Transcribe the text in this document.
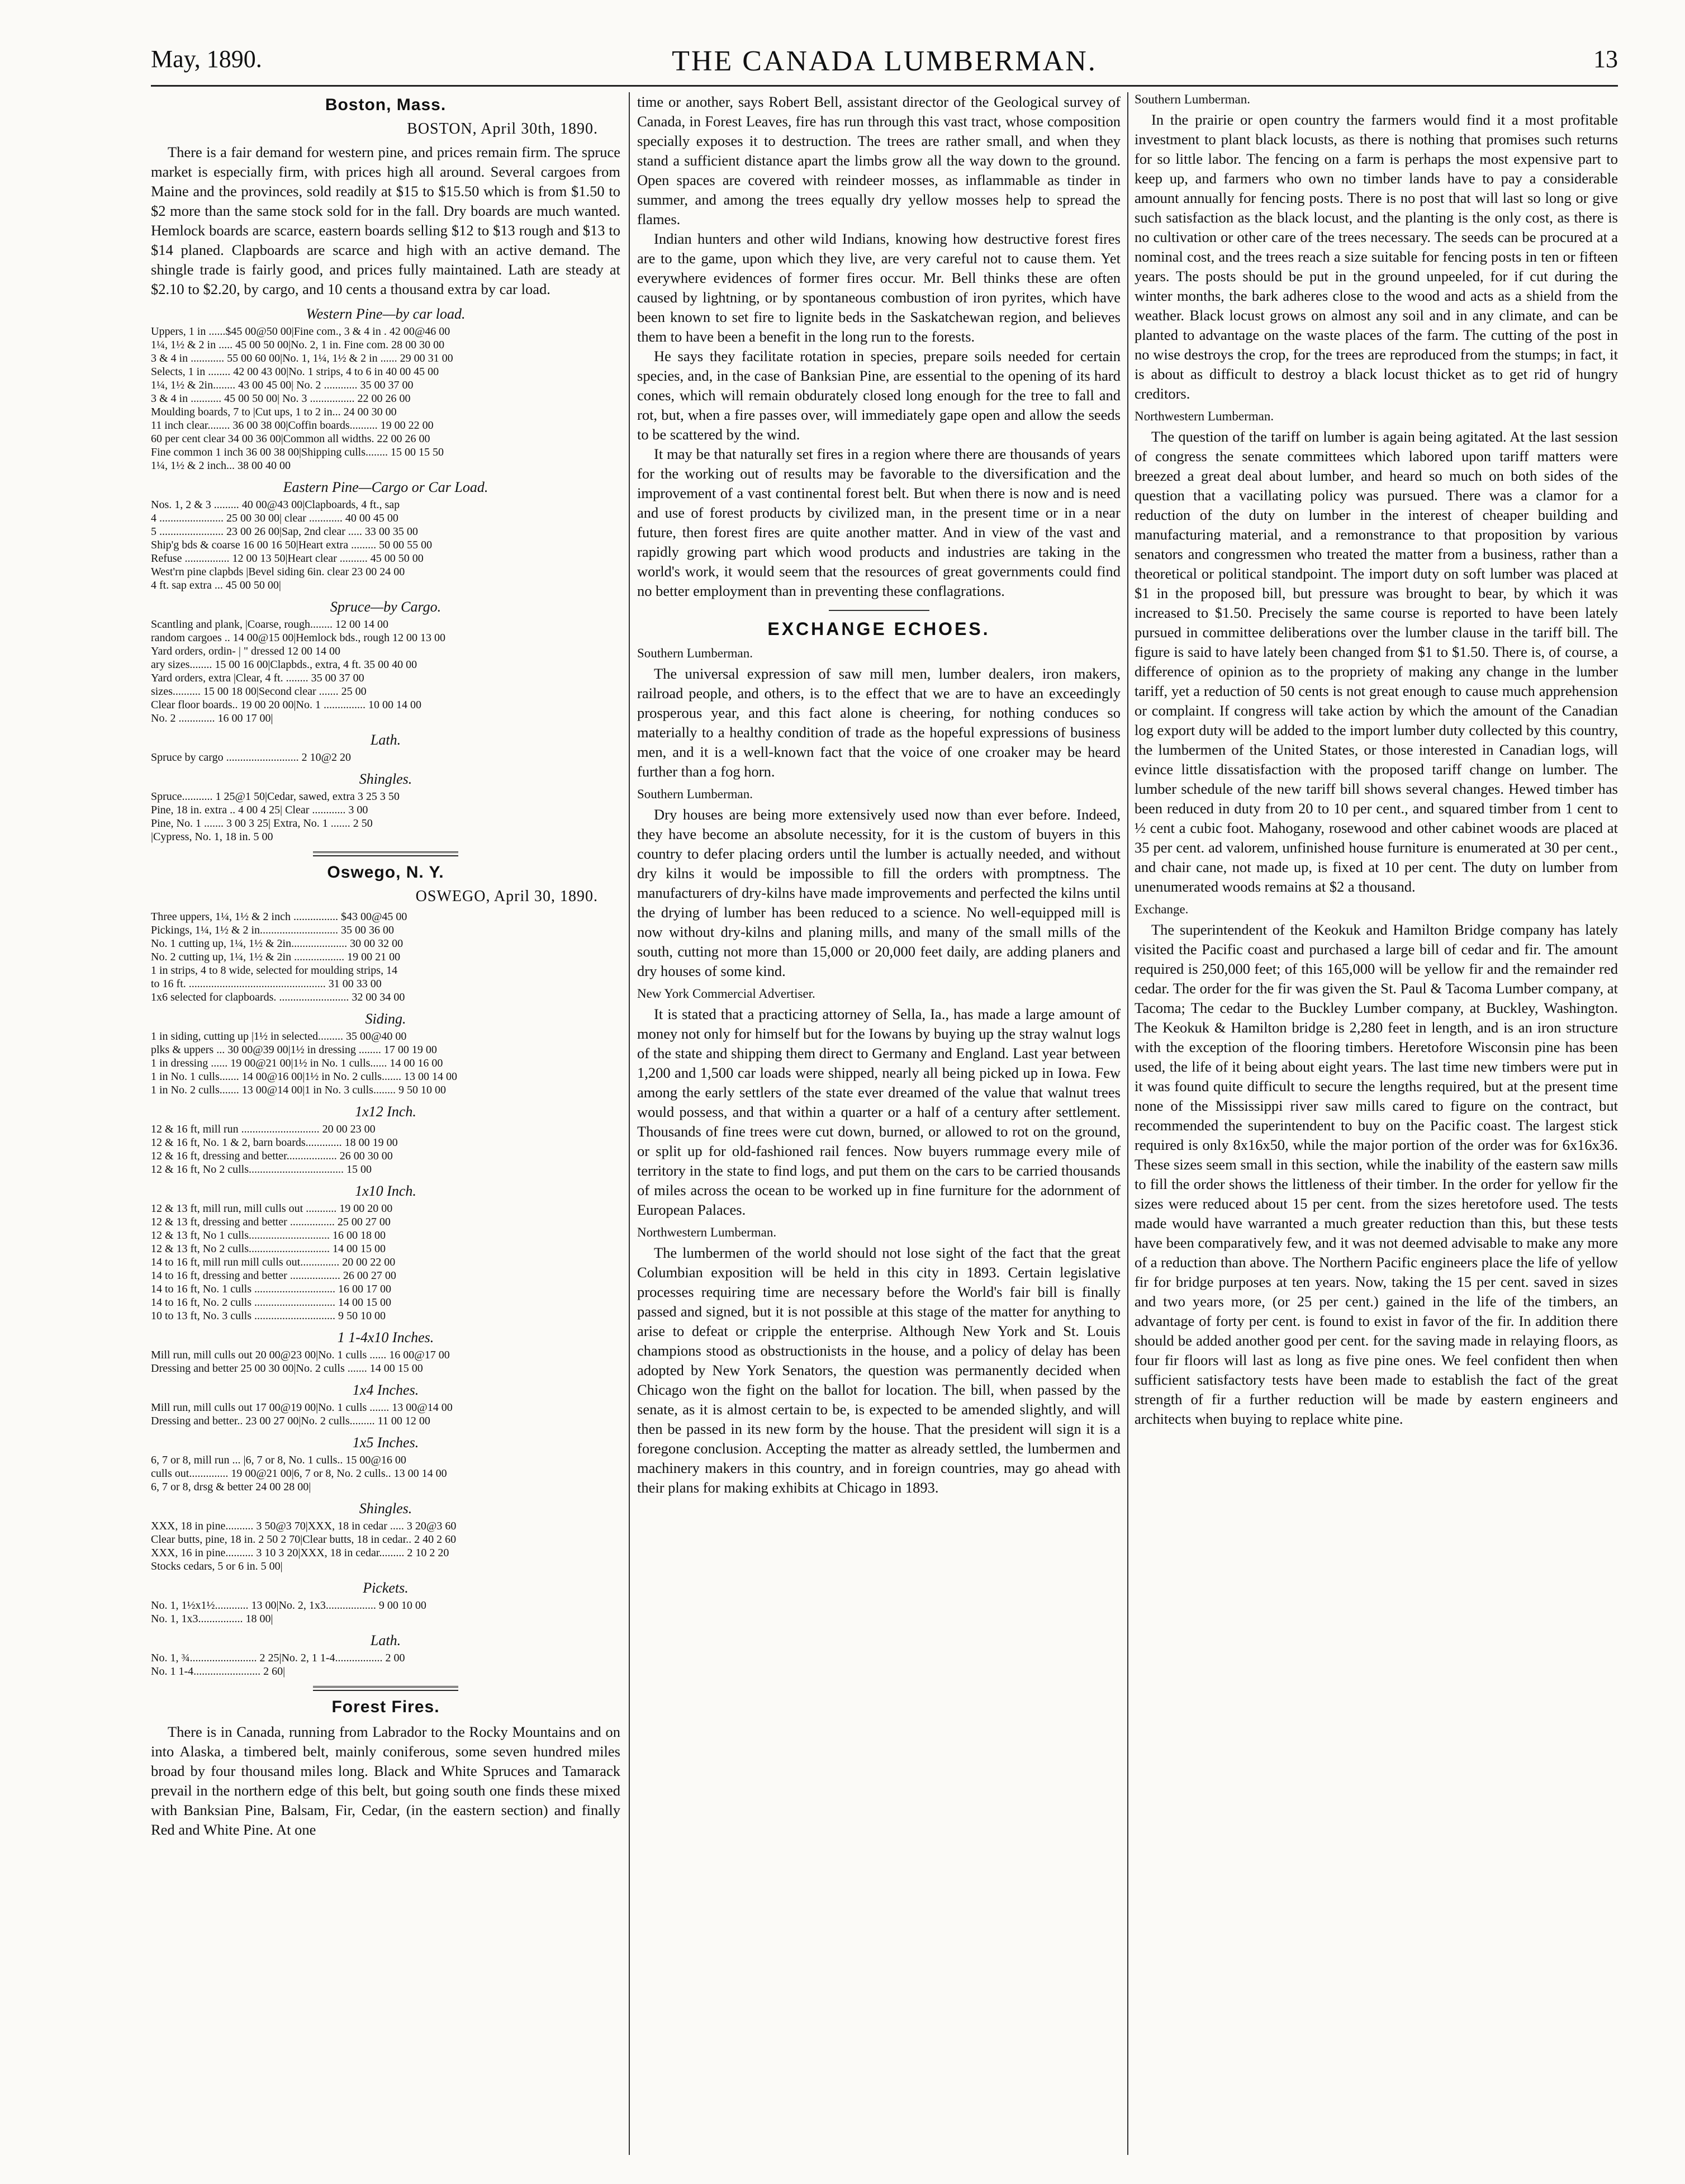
May, 1890.	THE CANADA LUMBERMAN.	13
Boston, Mass.
BOSTON, April 30th, 1890.

There is a fair demand for western pine, and prices remain firm. The spruce market is especially firm, with prices high all around. Several cargoes from Maine and the provinces, sold readily at $15 to $15.50 which is from $1.50 to $2 more than the same stock sold for in the fall. Dry boards are much wanted. Hemlock boards are scarce, eastern boards selling $12 to $13 rough and $13 to $14 planed. Clapboards are scarce and high with an active demand. The shingle trade is fairly good, and prices fully maintained. Lath are steady at $2.10 to $2.20, by cargo, and 10 cents a thousand extra by car load.

Western Pine—by car load.
Uppers, 1 in ......$45 00@50 00|Fine com., 3 & 4 in . 42 00@46 00
1¼, 1½ & 2 in ..... 45 00 50 00|No. 2, 1 in. Fine com. 28 00 30 00
3 & 4 in ............ 55 00 60 00|No. 1, 1¼, 1½ & 2 in ...... 29 00 31 00
Selects, 1 in ........ 42 00 43 00|No. 1 strips, 4 to 6 in 40 00 45 00
1¼, 1½ & 2in........ 43 00 45 00| No. 2 ............ 35 00 37 00
3 & 4 in ........... 45 00 50 00| No. 3 ................ 22 00 26 00
Moulding boards, 7 to |Cut ups, 1 to 2 in... 24 00 30 00
11 inch clear........ 36 00 38 00|Coffin boards.......... 19 00 22 00
60 per cent clear 34 00 36 00|Common all widths. 22 00 26 00
Fine common 1 inch 36 00 38 00|Shipping culls........ 15 00 15 50
1¼, 1½ & 2 inch... 38 00 40 00
Eastern Pine—Cargo or Car Load.
Nos. 1, 2 & 3 ......... 40 00@43 00|Clapboards, 4 ft., sap
4 ....................... 25 00 30 00| clear ............ 40 00 45 00
5 ....................... 23 00 26 00|Sap, 2nd clear ..... 33 00 35 00
Ship'g bds & coarse 16 00 16 50|Heart extra ......... 50 00 55 00
Refuse ................ 12 00 13 50|Heart clear .......... 45 00 50 00
West'rn pine clapbds |Bevel siding 6in. clear 23 00 24 00
4 ft. sap extra ... 45 00 50 00|
Spruce—by Cargo.
Scantling and plank, |Coarse, rough........ 12 00 14 00
random cargoes .. 14 00@15 00|Hemlock bds., rough 12 00 13 00
Yard orders, ordin- | " dressed 12 00 14 00
ary sizes........ 15 00 16 00|Clapbds., extra, 4 ft. 35 00 40 00
Yard orders, extra |Clear, 4 ft. ........ 35 00 37 00
sizes.......... 15 00 18 00|Second clear ....... 25 00
Clear floor boards.. 19 00 20 00|No. 1 ............... 10 00 14 00
No. 2 ............. 16 00 17 00|
Lath.
Spruce by cargo .......................... 2 10@2 20
Shingles.
Spruce........... 1 25@1 50|Cedar, sawed, extra 3 25 3 50
Pine, 18 in. extra .. 4 00 4 25| Clear ............ 3 00
Pine, No. 1 ....... 3 00 3 25| Extra, No. 1 ....... 2 50
|Cypress, No. 1, 18 in. 5 00
Oswego, N. Y.
OSWEGO, April 30, 1890.
Three uppers, 1¼, 1½ & 2 inch ................ $43 00@45 00
Pickings, 1¼, 1½ & 2 in............................ 35 00 36 00
No. 1 cutting up, 1¼, 1½ & 2in.................... 30 00 32 00
No. 2 cutting up, 1¼, 1½ & 2in .................. 19 00 21 00
1 in strips, 4 to 8 wide, selected for moulding strips, 14
to 16 ft. ................................................. 31 00 33 00
1x6 selected for clapboards. ......................... 32 00 34 00
Siding.
1 in siding, cutting up |1½ in selected......... 35 00@40 00
plks & uppers ... 30 00@39 00|1½ in dressing ........ 17 00 19 00
1 in dressing ...... 19 00@21 00|1½ in No. 1 culls...... 14 00 16 00
1 in No. 1 culls....... 14 00@16 00|1½ in No. 2 culls....... 13 00 14 00
1 in No. 2 culls....... 13 00@14 00|1 in No. 3 culls........ 9 50 10 00
1x12 Inch.
12 & 16 ft, mill run ............................ 20 00 23 00
12 & 16 ft, No. 1 & 2, barn boards............. 18 00 19 00
12 & 16 ft, dressing and better.................. 26 00 30 00
12 & 16 ft, No 2 culls.................................. 15 00
1x10 Inch.
12 & 13 ft, mill run, mill culls out ........... 19 00 20 00
12 & 13 ft, dressing and better ................ 25 00 27 00
12 & 13 ft, No 1 culls............................. 16 00 18 00
12 & 13 ft, No 2 culls............................. 14 00 15 00
14 to 16 ft, mill run mill culls out.............. 20 00 22 00
14 to 16 ft, dressing and better .................. 26 00 27 00
14 to 16 ft, No. 1 culls ............................. 16 00 17 00
14 to 16 ft, No. 2 culls ............................. 14 00 15 00
10 to 13 ft, No. 3 culls ............................. 9 50 10 00
1 1-4x10 Inches.
Mill run, mill culls out 20 00@23 00|No. 1 culls ...... 16 00@17 00
Dressing and better 25 00 30 00|No. 2 culls ....... 14 00 15 00
1x4 Inches.
Mill run, mill culls out 17 00@19 00|No. 1 culls ....... 13 00@14 00
Dressing and better.. 23 00 27 00|No. 2 culls......... 11 00 12 00
1x5 Inches.
6, 7 or 8, mill run ... |6, 7 or 8, No. 1 culls.. 15 00@16 00
culls out.............. 19 00@21 00|6, 7 or 8, No. 2 culls.. 13 00 14 00
6, 7 or 8, drsg & better 24 00 28 00|
Shingles.
XXX, 18 in pine.......... 3 50@3 70|XXX, 18 in cedar ..... 3 20@3 60
Clear butts, pine, 18 in. 2 50 2 70|Clear butts, 18 in cedar.. 2 40 2 60
XXX, 16 in pine.......... 3 10 3 20|XXX, 18 in cedar......... 2 10 2 20
Stocks cedars, 5 or 6 in. 5 00|
Pickets.
No. 1, 1½x1½............ 13 00|No. 2, 1x3.................. 9 00 10 00
No. 1, 1x3................ 18 00|
Lath.
No. 1, ¾........................ 2 25|No. 2, 1 1-4................. 2 00
No. 1 1-4........................ 2 60|
Forest Fires.

There is in Canada, running from Labrador to the Rocky Mountains and on into Alaska, a timbered belt, mainly coniferous, some seven hundred miles broad by four thousand miles long. Black and White Spruces and Tamarack prevail in the northern edge of this belt, but going south one finds these mixed with Banksian Pine, Balsam, Fir, Cedar, (in the eastern section) and finally Red and White Pine. At one

time or another, says Robert Bell, assistant director of the Geological survey of Canada, in Forest Leaves, fire has run through this vast tract, whose composition specially exposes it to destruction. The trees are rather small, and when they stand a sufficient distance apart the limbs grow all the way down to the ground. Open spaces are covered with reindeer mosses, as inflammable as tinder in summer, and among the trees equally dry yellow mosses help to spread the flames.

Indian hunters and other wild Indians, knowing how destructive forest fires are to the game, upon which they live, are very careful not to cause them. Yet everywhere evidences of former fires occur. Mr. Bell thinks these are often caused by lightning, or by spontaneous combustion of iron pyrites, which have been known to set fire to lignite beds in the Saskatchewan region, and believes them to have been a benefit in the long run to the forests.

He says they facilitate rotation in species, prepare soils needed for certain species, and, in the case of Banksian Pine, are essential to the opening of its hard cones, which will remain obdurately closed long enough for the tree to fall and rot, but, when a fire passes over, will immediately gape open and allow the seeds to be scattered by the wind.

It may be that naturally set fires in a region where there are thousands of years for the working out of results may be favorable to the diversification and the improvement of a vast continental forest belt. But when there is now and is need and use of forest products by civilized man, in the present time or in a near future, then forest fires are quite another matter. And in view of the vast and rapidly growing part which wood products and industries are taking in the world's work, it would seem that the resources of great governments could find no better employment than in preventing these conflagrations.

EXCHANGE ECHOES.
Southern Lumberman.

The universal expression of saw mill men, lumber dealers, iron makers, railroad people, and others, is to the effect that we are to have an exceedingly prosperous year, and this fact alone is cheering, for nothing conduces so materially to a healthy condition of trade as the hopeful expressions of business men, and it is a well-known fact that the voice of one croaker may be heard further than a fog horn.

Southern Lumberman.

Dry houses are being more extensively used now than ever before. Indeed, they have become an absolute necessity, for it is the custom of buyers in this country to defer placing orders until the lumber is actually needed, and without dry kilns it would be impossible to fill the orders with promptness. The manufacturers of dry-kilns have made improvements and perfected the kilns until the drying of lumber has been reduced to a science. No well-equipped mill is now without dry-kilns and planing mills, and many of the small mills of the south, cutting not more than 15,000 or 20,000 feet daily, are adding planers and dry houses of some kind.

New York Commercial Advertiser.

It is stated that a practicing attorney of Sella, Ia., has made a large amount of money not only for himself but for the Iowans by buying up the stray walnut logs of the state and shipping them direct to Germany and England. Last year between 1,200 and 1,500 car loads were shipped, nearly all being picked up in Iowa. Few among the early settlers of the state ever dreamed of the value that walnut trees would possess, and that within a quarter or a half of a century after settlement. Thousands of fine trees were cut down, burned, or allowed to rot on the ground, or split up for old-fashioned rail fences. Now buyers rummage every mile of territory in the state to find logs, and put them on the cars to be carried thousands of miles across the ocean to be worked up in fine furniture for the adornment of European Palaces.

Northwestern Lumberman.

The lumbermen of the world should not lose sight of the fact that the great Columbian exposition will be held in this city in 1893. Certain legislative processes requiring time are necessary before the World's fair bill is finally passed and signed, but it is not possible at this stage of the matter for anything to arise to defeat or cripple the enterprise. Although New York and St. Louis champions stood as obstructionists in the house, and a policy of delay has been adopted by New York Senators, the question was permanently decided when Chicago won the fight on the ballot for location. The bill, when passed by the senate, as it is almost certain to be, is expected to be amended slightly, and will then be passed in its new form by the house. That the president will sign it is a foregone conclusion. Accepting the matter as already settled, the lumbermen and machinery makers in this country, and in foreign countries, may go ahead with their plans for making exhibits at Chicago in 1893.

Southern Lumberman.

In the prairie or open country the farmers would find it a most profitable investment to plant black locusts, as there is nothing that promises such returns for so little labor. The fencing on a farm is perhaps the most expensive part to keep up, and farmers who own no timber lands have to pay a considerable amount annually for fencing posts. There is no post that will last so long or give such satisfaction as the black locust, and the planting is the only cost, as there is no cultivation or other care of the trees necessary. The seeds can be procured at a nominal cost, and the trees reach a size suitable for fencing posts in ten or fifteen years. The posts should be put in the ground unpeeled, for if cut during the winter months, the bark adheres close to the wood and acts as a shield from the weather. Black locust grows on almost any soil and in any climate, and can be planted to advantage on the waste places of the farm. The cutting of the post in no wise destroys the crop, for the trees are reproduced from the stumps; in fact, it is about as difficult to destroy a black locust thicket as to get rid of hungry creditors.

Northwestern Lumberman.

The question of the tariff on lumber is again being agitated. At the last session of congress the senate committees which labored upon tariff matters were breezed a great deal about lumber, and heard so much on both sides of the question that a vacillating policy was pursued. There was a clamor for a reduction of the duty on lumber in the interest of cheaper building and manufacturing material, and a remonstrance to that proposition by various senators and congressmen who treated the matter from a business, rather than a theoretical or political standpoint. The import duty on soft lumber was placed at $1 in the proposed bill, but pressure was brought to bear, by which it was increased to $1.50. Precisely the same course is reported to have been lately pursued in committee deliberations over the lumber clause in the tariff bill. The figure is said to have lately been changed from $1 to $1.50. There is, of course, a difference of opinion as to the propriety of making any change in the lumber tariff, yet a reduction of 50 cents is not great enough to cause much apprehension or complaint. If congress will take action by which the amount of the Canadian log export duty will be added to the import lumber duty collected by this country, the lumbermen of the United States, or those interested in Canadian logs, will evince little dissatisfaction with the proposed tariff change on lumber. The lumber schedule of the new tariff bill shows several changes. Hewed timber has been reduced in duty from 20 to 10 per cent., and squared timber from 1 cent to ½ cent a cubic foot. Mahogany, rosewood and other cabinet woods are placed at 35 per cent. ad valorem, unfinished house furniture is enumerated at 30 per cent., and chair cane, not made up, is fixed at 10 per cent. The duty on lumber from unenumerated woods remains at $2 a thousand.

Exchange.

The superintendent of the Keokuk and Hamilton Bridge company has lately visited the Pacific coast and purchased a large bill of cedar and fir. The amount required is 250,000 feet; of this 165,000 will be yellow fir and the remainder red cedar. The order for the fir was given the St. Paul & Tacoma Lumber company, at Tacoma; The cedar to the Buckley Lumber company, at Buckley, Washington. The Keokuk & Hamilton bridge is 2,280 feet in length, and is an iron structure with the exception of the flooring timbers. Heretofore Wisconsin pine has been used, the life of it being about eight years. The last time new timbers were put in it was found quite difficult to secure the lengths required, but at the present time none of the Mississippi river saw mills cared to figure on the contract, but recommended the superintendent to buy on the Pacific coast. The largest stick required is only 8x16x50, while the major portion of the order was for 6x16x36. These sizes seem small in this section, while the inability of the eastern saw mills to fill the order shows the littleness of their timber. In the order for yellow fir the sizes were reduced about 15 per cent. from the sizes heretofore used. The tests made would have warranted a much greater reduction than this, but these tests have been comparatively few, and it was not deemed advisable to make any more of a reduction than above. The Northern Pacific engineers place the life of yellow fir for bridge purposes at ten years. Now, taking the 15 per cent. saved in sizes and two years more, (or 25 per cent.) gained in the life of the timbers, an advantage of forty per cent. is found to exist in favor of the fir. In addition there should be added another good per cent. for the saving made in relaying floors, as four fir floors will last as long as five pine ones. We feel confident then when sufficient satisfactory tests have been made to establish the fact of the great strength of fir a further reduction will be made by eastern engineers and architects when buying to replace white pine.
